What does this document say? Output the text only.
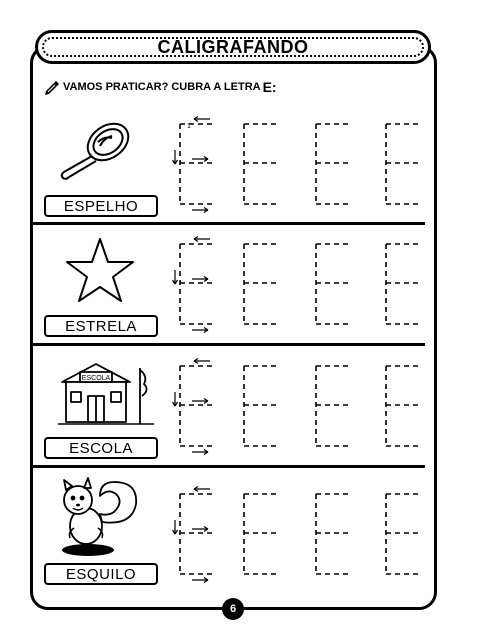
CALIGRAFANDO
VAMOS PRATICAR? CUBRA A LETRA E:
ESPELHO
1
ESTRELA
ESCOLA
ESCOLA
ESQUILO
6
